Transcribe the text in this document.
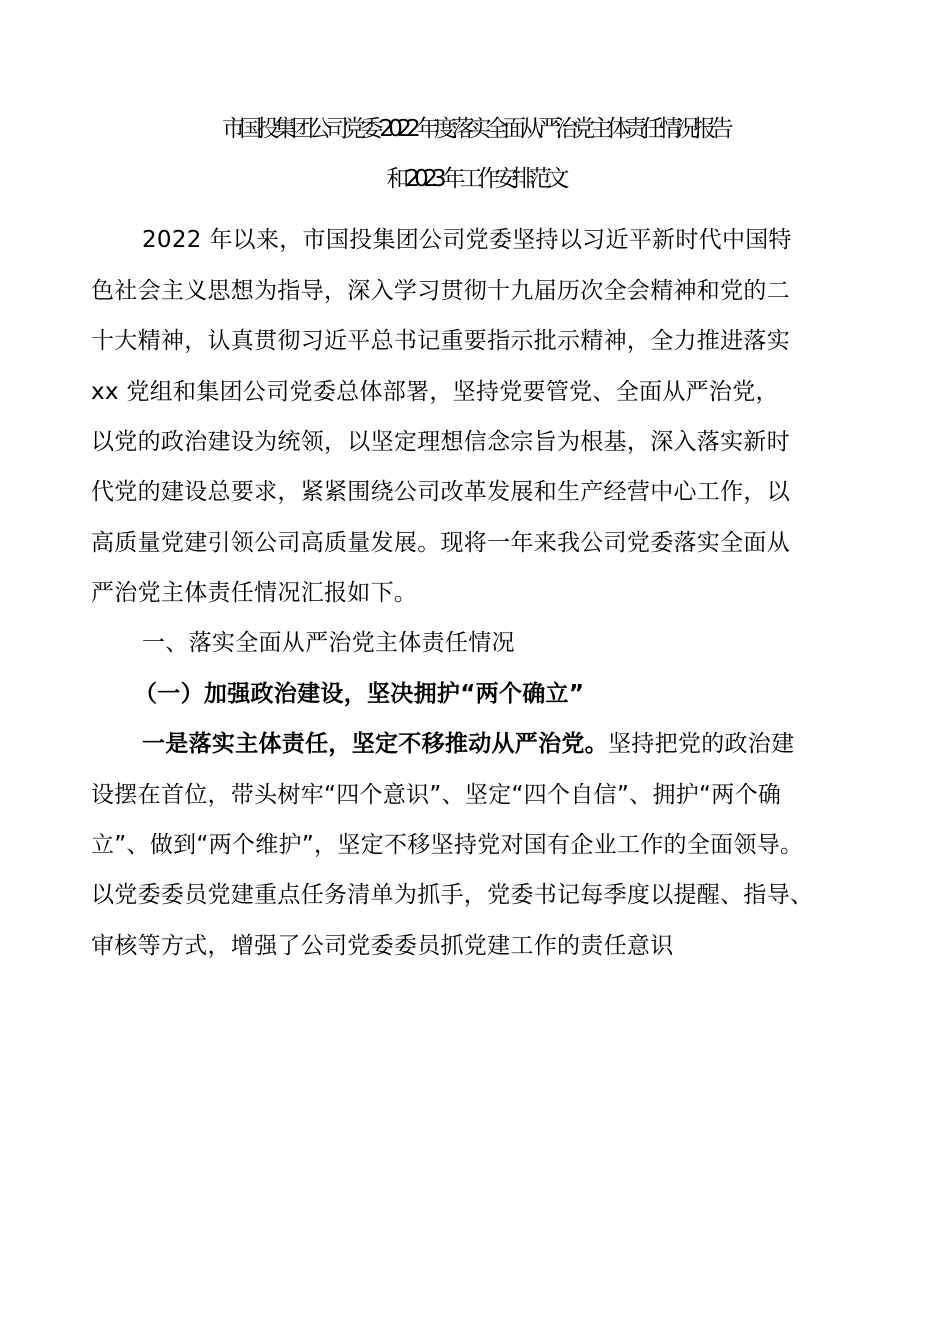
市国投集团公司党委 2022 年度落实全面从严治党主体责任情况报告
和 2023 年工作安排范文
2022 年以来，市国投集团公司党委坚持以习近平新时代中国特
色社会主义思想为指导，深入学习贯彻十九届历次全会精神和党的二
十大精神，认真贯彻习近平总书记重要指示批示精神，全力推进落实
xx 党组和集团公司党委总体部署，坚持党要管党、全面从严治党，
以党的政治建设为统领，以坚定理想信念宗旨为根基，深入落实新时
代党的建设总要求，紧紧围绕公司改革发展和生产经营中心工作，以
高质量党建引领公司高质量发展。现将一年来我公司党委落实全面从
严治党主体责任情况汇报如下。
一、落实全面从严治党主体责任情况
（一）加强政治建设，坚决拥护“两个确立”
一是落实主体责任，坚定不移推动从严治党。坚持把党的政治建
设摆在首位，带头树牢“四个意识”、坚定“四个自信”、拥护“两个确
立”、做到“两个维护”，坚定不移坚持党对国有企业工作的全面领导。
以党委委员党建重点任务清单为抓手，党委书记每季度以提醒、指导、
审核等方式，增强了公司党委委员抓党建工作的责任意识
